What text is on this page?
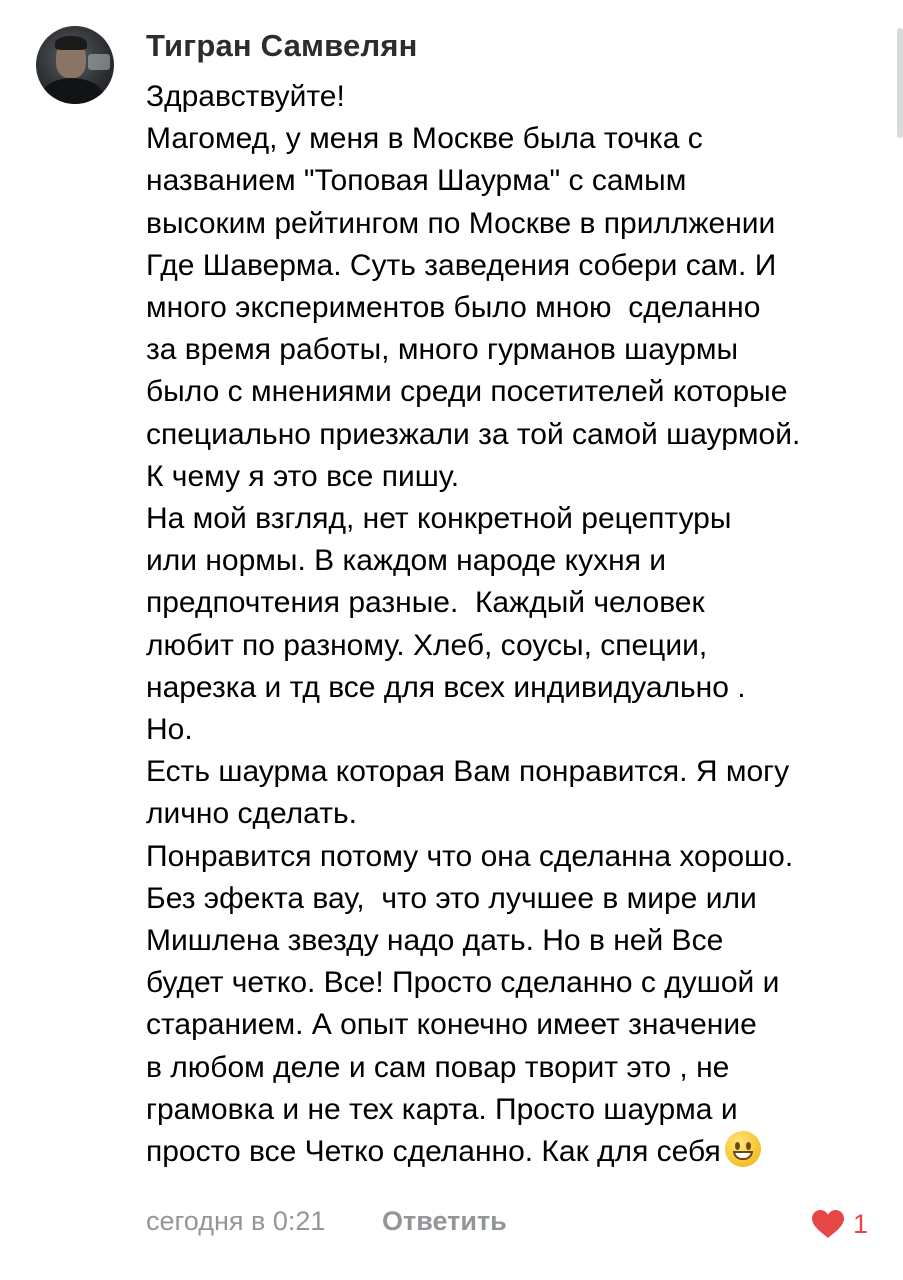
Тигран Самвелян
Здравствуйте!
Магомед, у меня в Москве была точка с
названием "Топовая Шаурма" с самым
высоким рейтингом по Москве в приллжении
Где Шаверма. Суть заведения собери сам. И
много экспериментов было мною  сделанно
за время работы, много гурманов шаурмы
было с мнениями среди посетителей которые
специально приезжали за той самой шаурмой.
К чему я это все пишу.
На мой взгляд, нет конкретной рецептуры
или нормы. В каждом народе кухня и
предпочтения разные.  Каждый человек
любит по разному. Хлеб, соусы, специи,
нарезка и тд все для всех индивидуально .
Но.
Есть шаурма которая Вам понравится. Я могу
лично сделать.
Понравится потому что она сделанна хорошо.
Без эфекта вау,  что это лучшее в мире или
Мишлена звезду надо дать. Но в ней Все
будет четко. Все! Просто сделанно с душой и
старанием. А опыт конечно имеет значение
в любом деле и сам повар творит это , не
грамовка и не тех карта. Просто шаурма и
просто все Четко сделанно. Как для себя
сегодня в 0:21 Ответить	1
